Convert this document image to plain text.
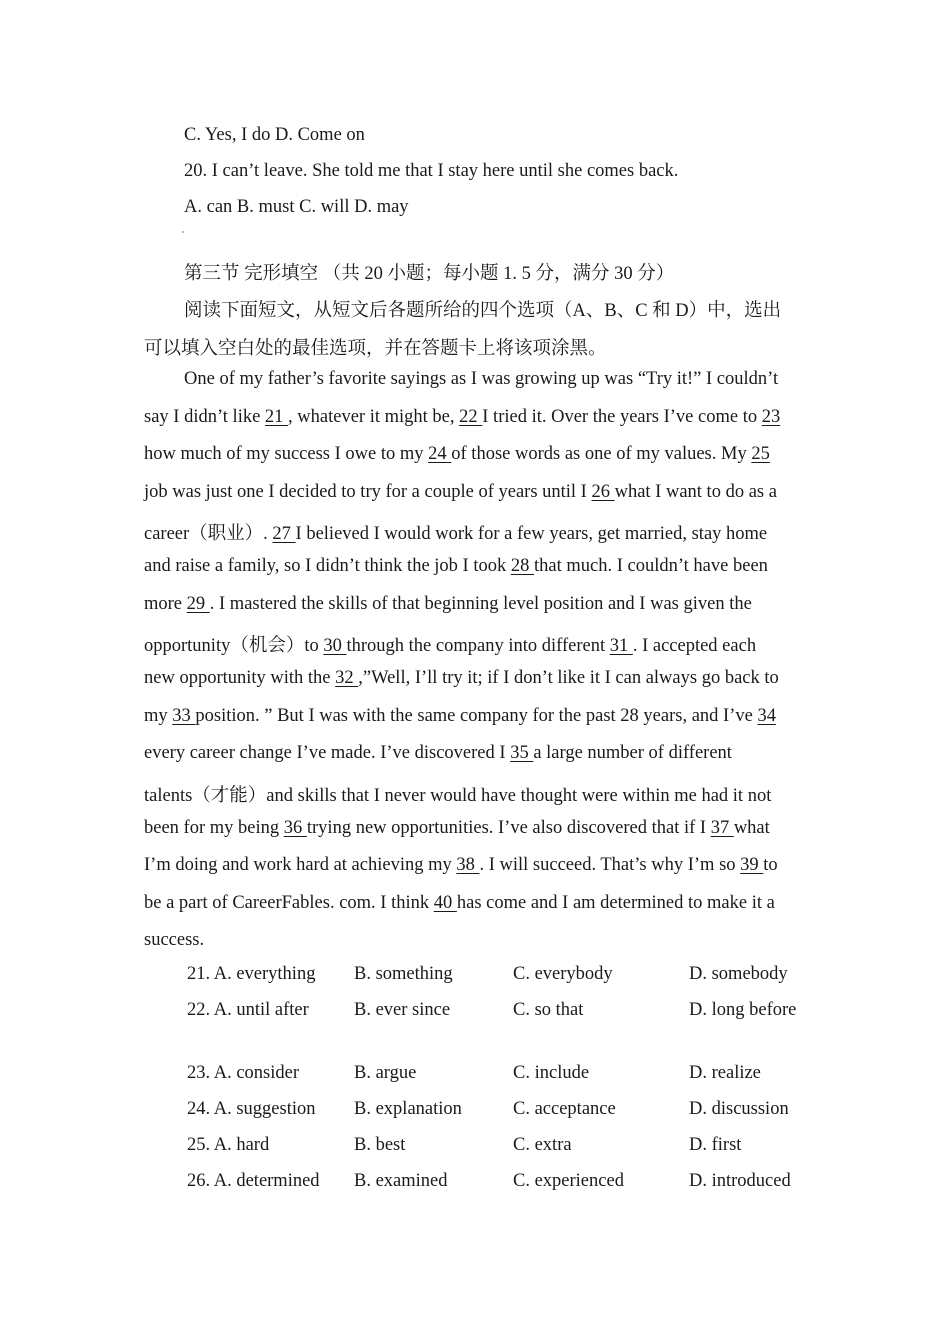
C. Yes, I do D. Come on
20. I can’t leave. She told me that I stay here until she comes back.
A. can B. must C. will D. may
第三节 完形填空 （共 20 小题；每小题 1. 5 分，满分 30 分）
阅读下面短文，从短文后各题所给的四个选项（A、B、C 和 D）中，选出
可以填入空白处的最佳选项，并在答题卡上将该项涂黑。
One of my father’s favorite sayings as I was growing up was “Try it!” I couldn’t
say I didn’t like 21 , whatever it might be, 22 I tried it. Over the years I’ve come to 23
how much of my success I owe to my 24 of those words as one of my values. My 25
job was just one I decided to try for a couple of years until I 26 what I want to do as a
career（职业）. 27 I believed I would work for a few years, get married, stay home
and raise a family, so I didn’t think the job I took 28 that much. I couldn’t have been
more 29 . I mastered the skills of that beginning level position and I was given the
opportunity（机会）to 30 through the company into different 31 . I accepted each
new opportunity with the 32 ,”Well, I’ll try it; if I don’t like it I can always go back to
my 33 position. ” But I was with the same company for the past 28 years, and I’ve 34
every career change I’ve made. I’ve discovered I 35 a large number of different
talents（才能）and skills that I never would have thought were within me had it not
been for my being 36 trying new opportunities. I’ve also discovered that if I 37 what
I’m doing and work hard at achieving my 38 . I will succeed. That’s why I’m so 39 to
be a part of CareerFables. com. I think 40 has come and I am determined to make it a
success.
21. A. everything B. something	C. everybody	D. somebody
22. A. until after B. ever since	C. so that	D. long before
23. A. consider	B. argue	C. include	D. realize
24. A. suggestion B. explanation	C. acceptance	D. discussion
25. A. hard	B. best	C. extra	D. first
26. A. determined B. examined	C. experienced	D. introduced
